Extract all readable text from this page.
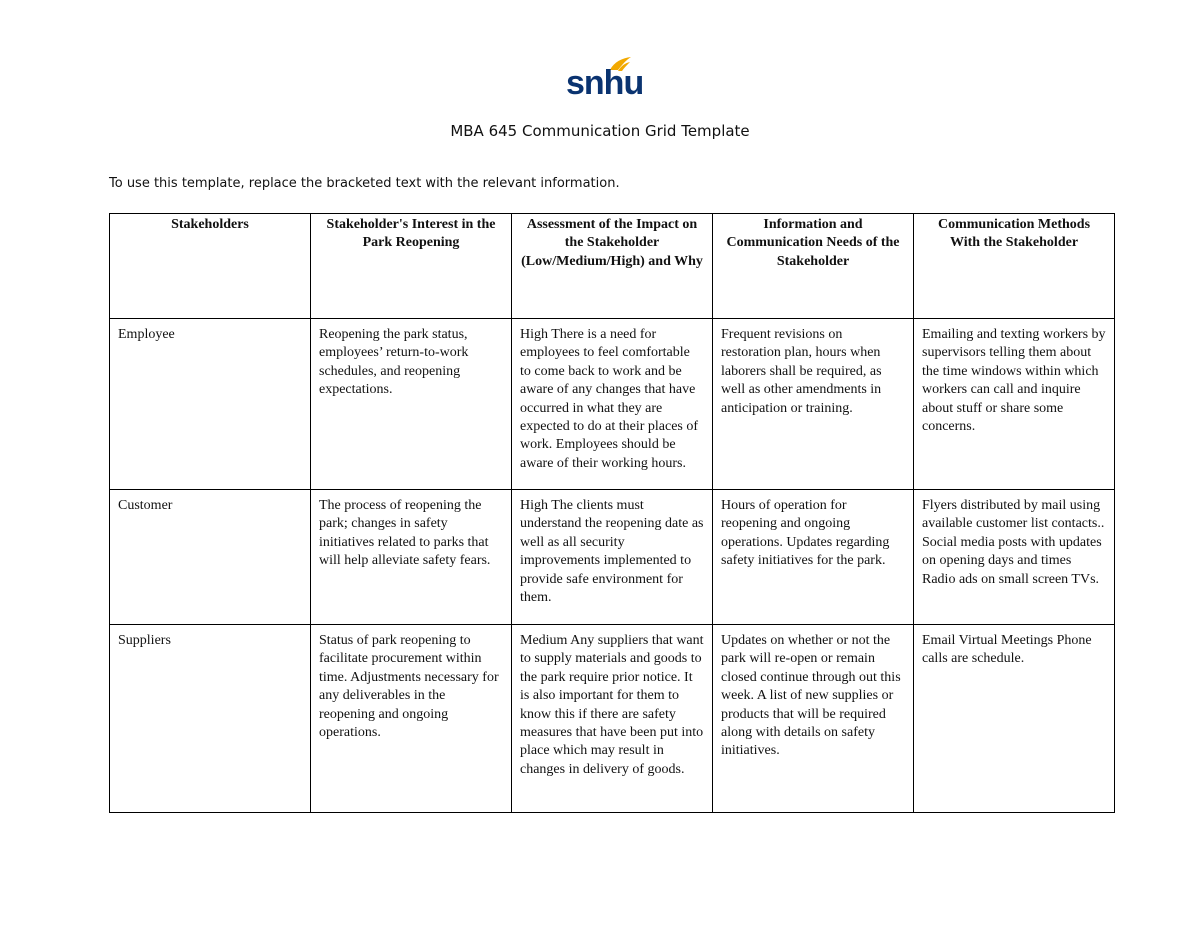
snhu
MBA 645 Communication Grid Template
To use this template, replace the bracketed text with the relevant information.
Stakeholders	Stakeholder's Interest in the Park Reopening	Assessment of the Impact on the Stakeholder (Low/Medium/High) and Why	Information and Communication Needs of the Stakeholder	Communication Methods With the Stakeholder
Employee	Reopening the park status, employees’ return-to-work schedules, and reopening expectations.	High There is a need for employees to feel comfortable to come back to work and be aware of any changes that have occurred in what they are expected to do at their places of work. Employees should be aware of their working hours.	Frequent revisions on restoration plan, hours when laborers shall be required, as well as other amendments in anticipation or training.	Emailing and texting workers by supervisors telling them about the time windows within which workers can call and inquire about stuff or share some concerns.
Customer	The process of reopening the park; changes in safety initiatives related to parks that will help alleviate safety fears.	High The clients must understand the reopening date as well as all security improvements implemented to provide safe environment for them.	Hours of operation for reopening and ongoing operations. Updates regarding safety initiatives for the park.	Flyers distributed by mail using available customer list contacts.. Social media posts with updates on opening days and times Radio ads on small screen TVs.
Suppliers	Status of park reopening to facilitate procurement within time. Adjustments necessary for any deliverables in the reopening and ongoing operations.	Medium Any suppliers that want to supply materials and goods to the park require prior notice. It is also important for them to know this if there are safety measures that have been put into place which may result in changes in delivery of goods.	Updates on whether or not the park will re-open or remain closed continue through out this week. A list of new supplies or products that will be required along with details on safety initiatives.	Email Virtual Meetings Phone calls are schedule.
